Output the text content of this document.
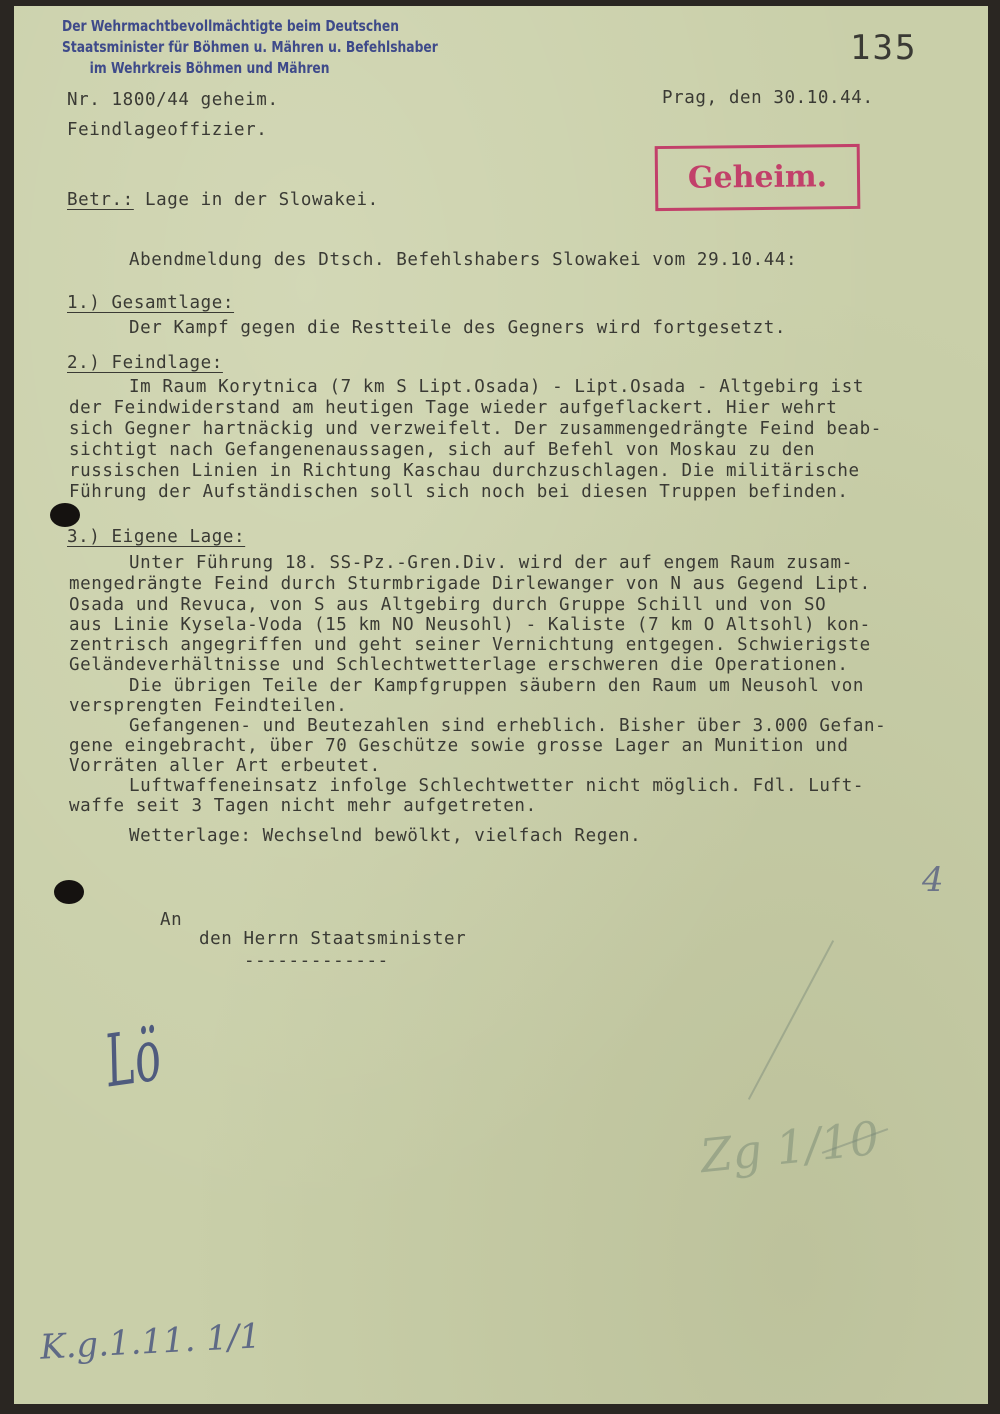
Der Wehrmachtbevollmächtigte beim Deutschen
Staatsminister für Böhmen u. Mähren u. Befehlshaber
im Wehrkreis Böhmen und Mähren	135
Nr. 1800/44 geheim.
Feindlageoffizier.
Prag, den 30.10.44.
Geheim.
Betr.: Lage in der Slowakei.
Abendmeldung des Dtsch. Befehlshabers Slowakei vom 29.10.44:
1.) Gesamtlage:
Der Kampf gegen die Restteile des Gegners wird fortgesetzt.
2.) Feindlage:
Im Raum Korytnica (7 km S Lipt.Osada) - Lipt.Osada - Altgebirg ist
der Feindwiderstand am heutigen Tage wieder aufgeflackert. Hier wehrt
sich Gegner hartnäckig und verzweifelt. Der zusammengedrängte Feind beab-
sichtigt nach Gefangenenaussagen, sich auf Befehl von Moskau zu den
russischen Linien in Richtung Kaschau durchzuschlagen. Die militärische
Führung der Aufständischen soll sich noch bei diesen Truppen befinden.
3.) Eigene Lage:
Unter Führung 18. SS-Pz.-Gren.Div. wird der auf engem Raum zusam-
mengedrängte Feind durch Sturmbrigade Dirlewanger von N aus Gegend Lipt.
Osada und Revuca, von S aus Altgebirg durch Gruppe Schill und von SO
aus Linie Kysela-Voda (15 km NO Neusohl) - Kaliste (7 km O Altsohl) kon-
zentrisch angegriffen und geht seiner Vernichtung entgegen. Schwierigste
Geländeverhältnisse und Schlechtwetterlage erschweren die Operationen.
Die übrigen Teile der Kampfgruppen säubern den Raum um Neusohl von
versprengten Feindteilen.
Gefangenen- und Beutezahlen sind erheblich. Bisher über 3.000 Gefan-
gene eingebracht, über 70 Geschütze sowie grosse Lager an Munition und
Vorräten aller Art erbeutet.
Luftwaffeneinsatz infolge Schlechtwetter nicht möglich. Fdl. Luft-
waffe seit 3 Tagen nicht mehr aufgetreten.
Wetterlage: Wechselnd bewölkt, vielfach Regen.
An
den Herrn Staatsminister
-------------
Lö
4
Zg 1/10
K.g.1.11. 1/1
